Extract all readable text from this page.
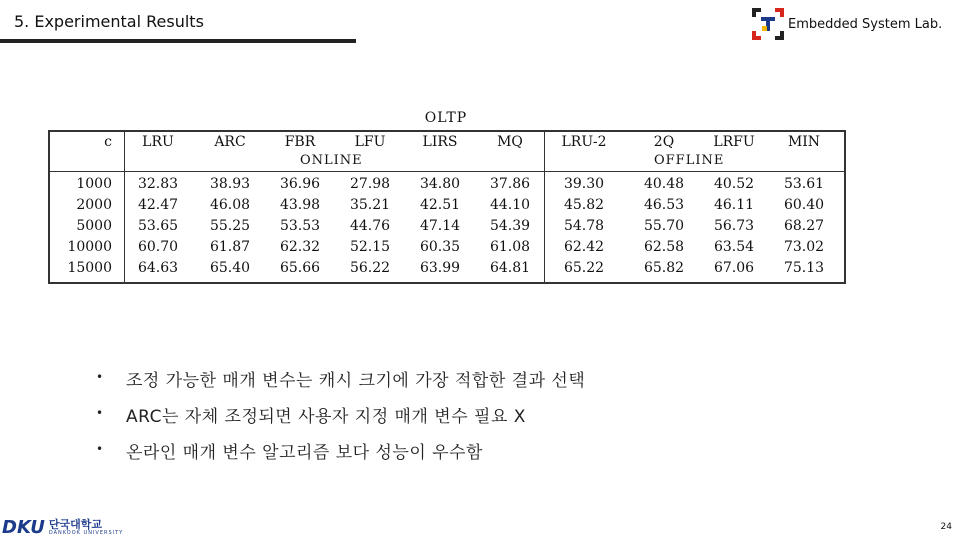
5. Experimental Results	Embedded System Lab.
OLTP
c	LRU	ARC	FBR	LFU	LIRS	MQ	LRU-2	2Q	LRFU	MIN
ONLINE	OFFLINE
1000	32.83	38.93	36.96	27.98	34.80	37.86	39.30	40.48	40.52	53.61
2000	42.47	46.08	43.98	35.21	42.51	44.10	45.82	46.53	46.11	60.40
5000	53.65	55.25	53.53	44.76	47.14	54.39	54.78	55.70	56.73	68.27
10000	60.70	61.87	62.32	52.15	60.35	61.08	62.42	62.58	63.54	73.02
15000	64.63	65.40	65.66	56.22	63.99	64.81	65.22	65.82	67.06	75.13
• 조정 가능한 매개 변수는 캐시 크기에 가장 적합한 결과 선택
• ARC는 자체 조정되면 사용자 지정 매개 변수 필요 X
• 온라인 매개 변수 알고리즘 보다 성능이 우수함
DKU 단국대학교
DANKOOK UNIVERSITY
24
